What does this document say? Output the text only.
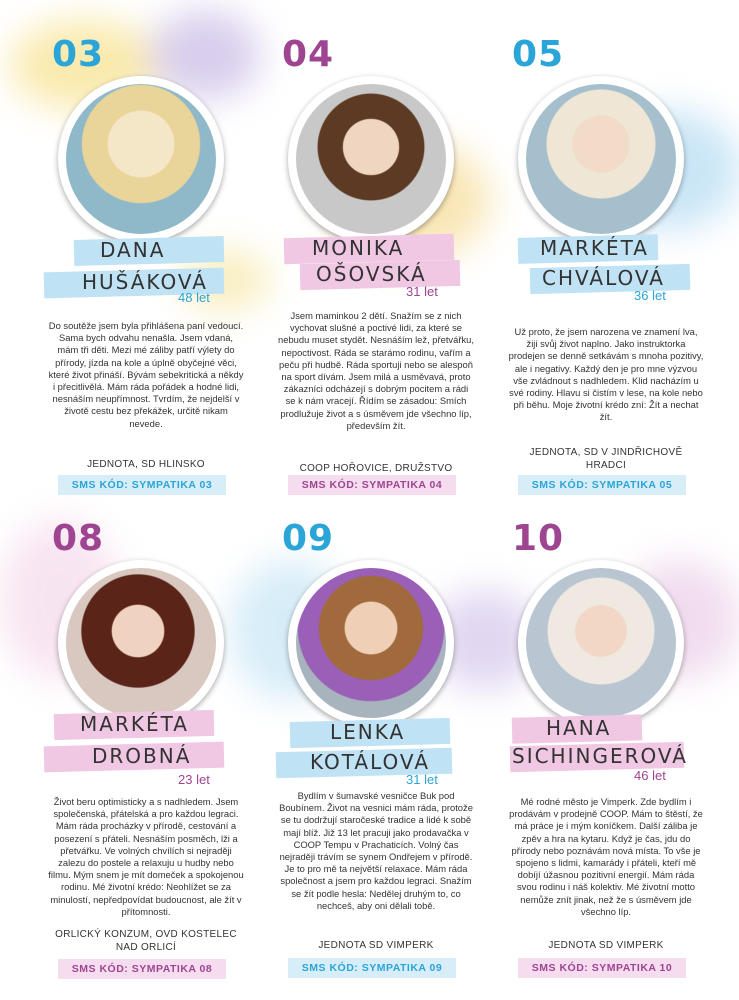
03
DANA
HUŠÁKOVÁ
48 let
Do soutěže jsem byla přihlášena paní vedoucí. Sama bych odvahu nenašla. Jsem vdaná, mám tři děti. Mezi mé záliby patří výlety do přírody, jízda na kole a úplně obyčejné věci, které život přináší. Bývám sebekritická a někdy i přecitlivělá. Mám ráda pořádek a hodné lidi, nesnáším neupřímnost. Tvrdím, že nejdelší v životě cestu bez překážek, určitě nikam nevede.
JEDNOTA, SD HLINSKO
SMS KÓD: SYMPATIKA 03
04
MONIKA
OŠOVSKÁ
31 let
Jsem maminkou 2 dětí. Snažím se z nich vychovat slušné a poctivé lidi, za které se nebudu muset stydět. Nesnáším lež, přetvářku, nepoctivost. Ráda se starámo rodinu, vařím a peču při hudbě. Ráda sportuji nebo se alespoň na sport dívám. Jsem milá a usměvavá, proto zákazníci odcházejí s dobrým pocitem a rádi se k nám vracejí. Řídím se zásadou: Smích prodlužuje život a s úsměvem jde všechno líp, především žít.
COOP HOŘOVICE, DRUŽSTVO
SMS KÓD: SYMPATIKA 04
05
MARKÉTA
CHVÁLOVÁ
36 let
Už proto, že jsem narozena ve znamení lva, žiji svůj život naplno. Jako instruktorka prodejen se denně setkávám s mnoha pozitivy, ale i negativy. Každý den je pro mne výzvou vše zvládnout s nadhledem. Klid nacházím u své rodiny. Hlavu si čistím v lese, na kole nebo při běhu. Moje životní krédo zní: Žít a nechat žít.
JEDNOTA, SD V JINDŘICHOVĚ HRADCI
SMS KÓD: SYMPATIKA 05
08
MARKÉTA
DROBNÁ
23 let
Život beru optimisticky a s nadhledem. Jsem společenská, přátelská a pro každou legraci. Mám ráda procházky v přírodě, cestování a posezení s přáteli. Nesnáším posměch, lži a přetvářku. Ve volných chvílích si nejraději zalezu do postele a relaxuju u hudby nebo filmu. Mým snem je mít domeček a spokojenou rodinu. Mé životní krédo: Neohlížet se za minulostí, nepředpovídat budoucnost, ale žít v přítomnosti.
ORLICKÝ KONZUM, OVD KOSTELEC NAD ORLICÍ
SMS KÓD: SYMPATIKA 08
09
LENKA
KOTÁLOVÁ
31 let
Bydlím v šumavské vesničce Buk pod Boubínem. Život na vesnici mám ráda, protože se tu dodržují staročeské tradice a lidé k sobě mají blíž. Již 13 let pracuji jako prodavačka v COOP Tempu v Prachaticích. Volný čas nejraději trávím se synem Ondřejem v přírodě. Je to pro mě ta největší relaxace. Mám ráda společnost a jsem pro každou legraci. Snažím se žít podle hesla: Nedělej druhým to, co nechceš, aby oni dělali tobě.
JEDNOTA SD VIMPERK
SMS KÓD: SYMPATIKA 09
10
HANA
SICHINGEROVÁ
46 let
Mé rodné město je Vimperk. Zde bydlím i prodávám v prodejně COOP. Mám to štěstí, že má práce je i mým koníčkem. Další záliba je zpěv a hra na kytaru. Když je čas, jdu do přírody nebo poznávám nová místa. To vše je spojeno s lidmi, kamarády i přáteli, kteří mě dobíjí úžasnou pozitivní energií. Mám ráda svou rodinu i náš kolektiv. Mé životní motto nemůže znít jinak, než že s úsměvem jde všechno líp.
JEDNOTA SD VIMPERK
SMS KÓD: SYMPATIKA 10
